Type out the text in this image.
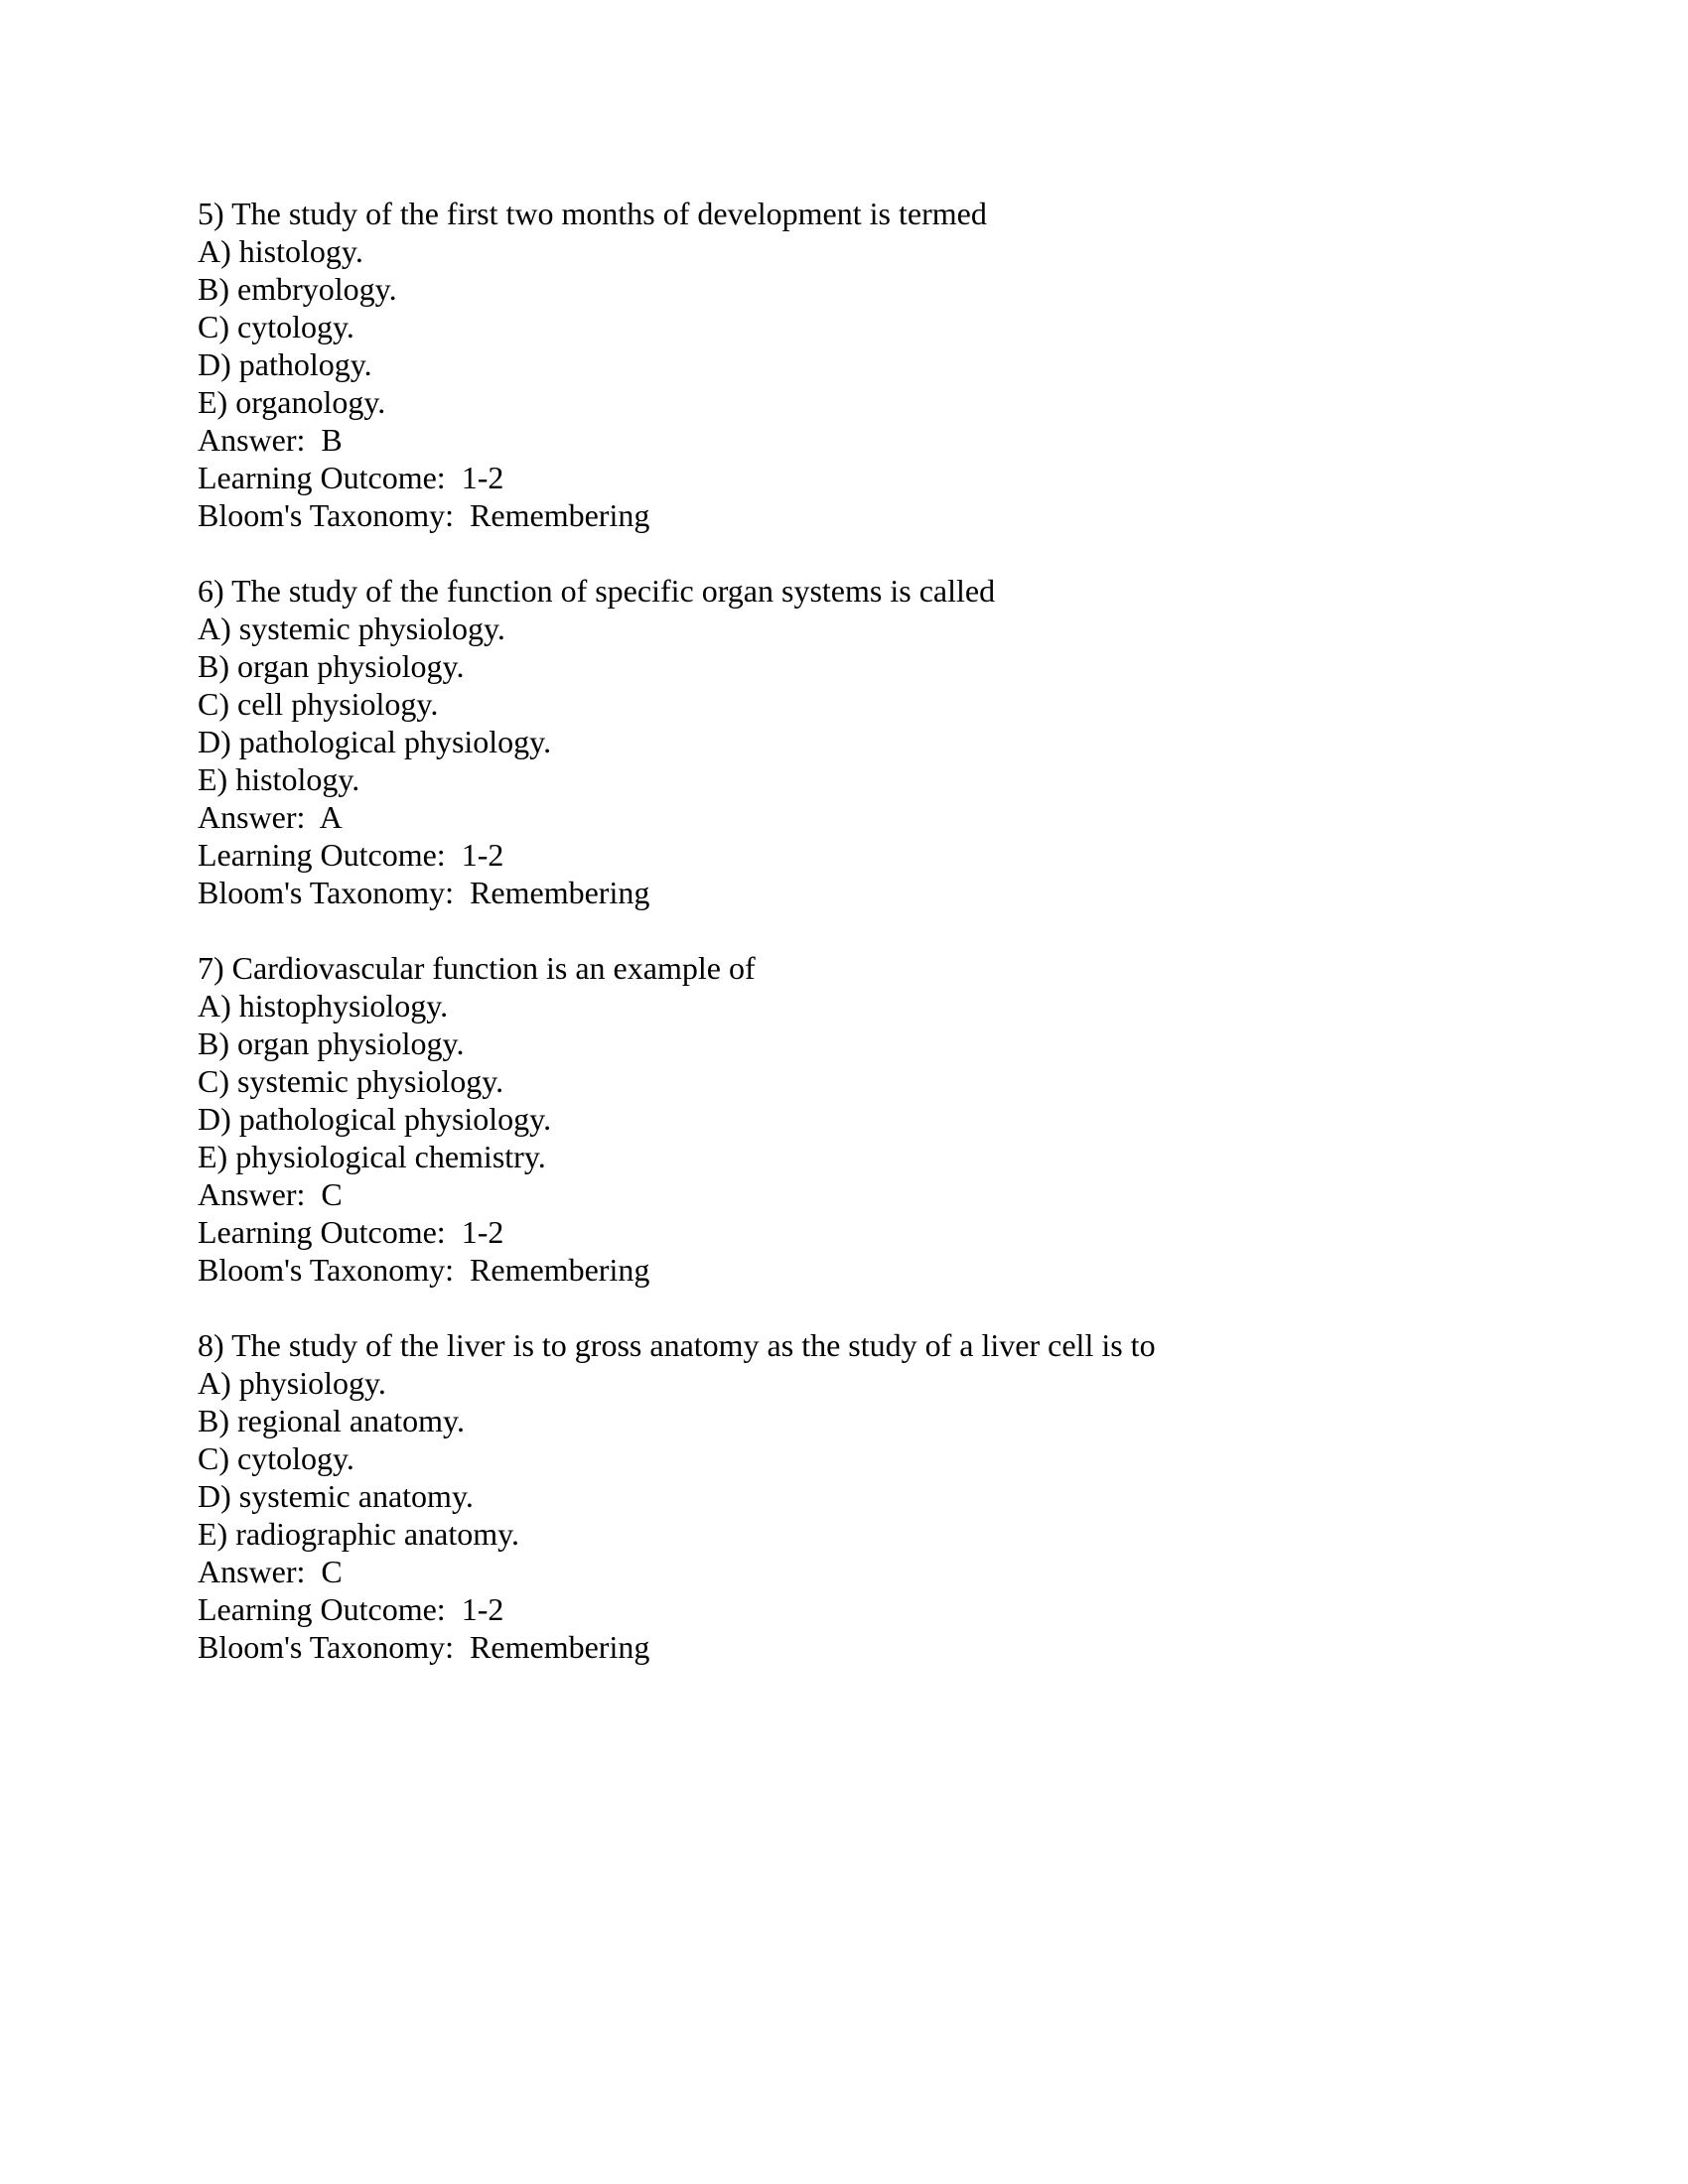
5) The study of the first two months of development is termed
A) histology.
B) embryology.
C) cytology.
D) pathology.
E) organology.
Answer:  B
Learning Outcome:  1-2
Bloom's Taxonomy:  Remembering
6) The study of the function of specific organ systems is called
A) systemic physiology.
B) organ physiology.
C) cell physiology.
D) pathological physiology.
E) histology.
Answer:  A
Learning Outcome:  1-2
Bloom's Taxonomy:  Remembering
7) Cardiovascular function is an example of
A) histophysiology.
B) organ physiology.
C) systemic physiology.
D) pathological physiology.
E) physiological chemistry.
Answer:  C
Learning Outcome:  1-2
Bloom's Taxonomy:  Remembering
8) The study of the liver is to gross anatomy as the study of a liver cell is to
A) physiology.
B) regional anatomy.
C) cytology.
D) systemic anatomy.
E) radiographic anatomy.
Answer:  C
Learning Outcome:  1-2
Bloom's Taxonomy:  Remembering
